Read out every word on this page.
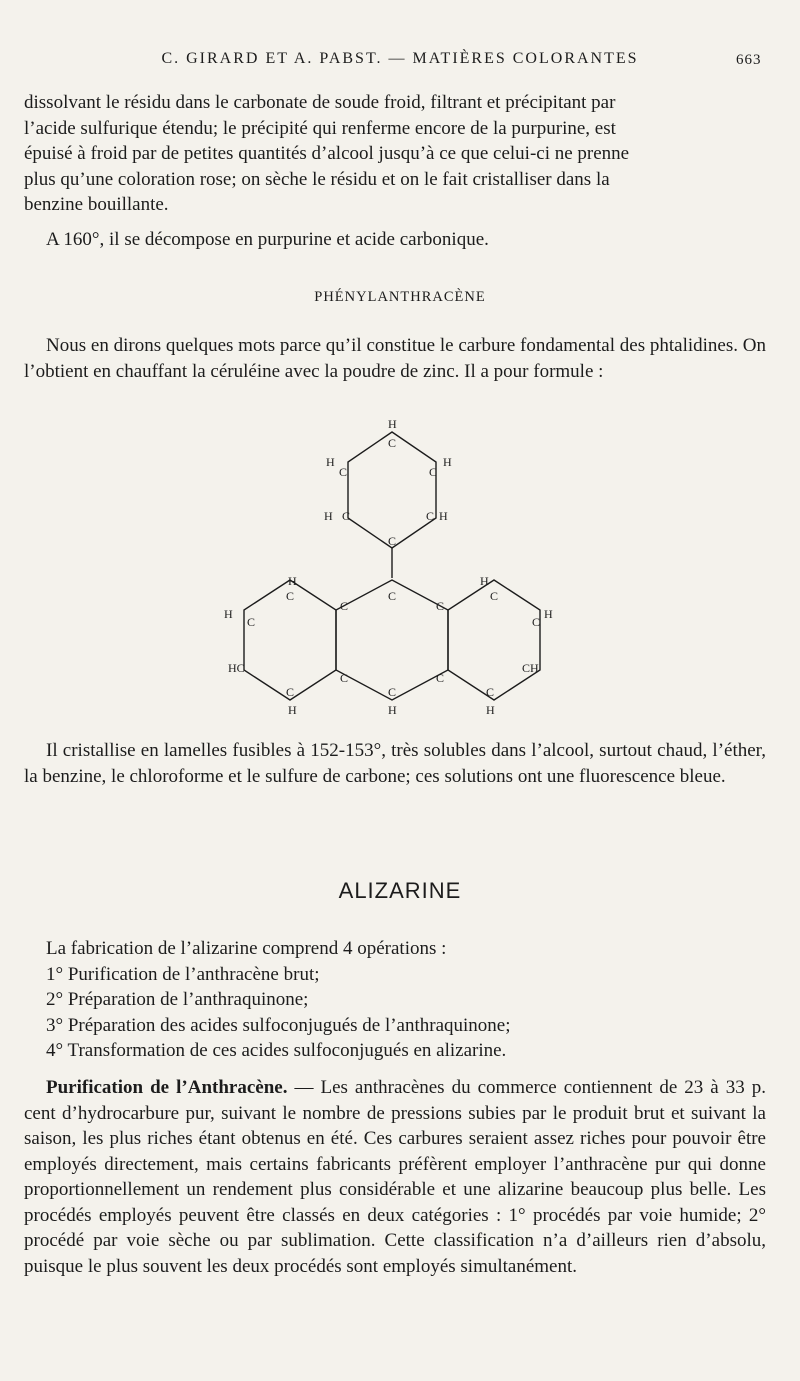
C. GIRARD ET A. PABST. — MATIÈRES COLORANTES	663

dissolvant le résidu dans le carbonate de soude froid, filtrant et précipitant par

l’acide sulfurique étendu; le précipité qui renferme encore de la purpurine, est

épuisé à froid par de petites quantités d’alcool jusqu’à ce que celui-ci ne prenne

plus qu’une coloration rose; on sèche le résidu et on le fait cristalliser dans la

benzine bouillante.

A 160°, il se décompose en purpurine et acide carbonique.

PHÉNYLANTHRACÈNE

Nous en dirons quelques mots parce qu’il constitue le carbure fondamental des phtalidines. On l’obtient en chauffant la céruléine avec la poudre de zinc. Il a pour formule :

H
C
H
C	C
H
H C	C H
C
H
C
C
C
C
H
C
H
C	C
H
HC
C	C
CH
C	C	C
H	H	H

Il cristallise en lamelles fusibles à 152-153°, très solubles dans l’alcool, surtout chaud, l’éther, la benzine, le chloroforme et le sulfure de carbone; ces solutions ont une fluorescence bleue.

ALIZARINE

La fabrication de l’alizarine comprend 4 opérations :

1° Purification de l’anthracène brut;

2° Préparation de l’anthraquinone;

3° Préparation des acides sulfoconjugués de l’anthraquinone;

4° Transformation de ces acides sulfoconjugués en alizarine.

Purification de l’Anthracène. — Les anthracènes du commerce contiennent de 23 à 33 p. cent d’hydrocarbure pur, suivant le nombre de pressions subies par le produit brut et suivant la saison, les plus riches étant obtenus en été. Ces carbures seraient assez riches pour pouvoir être employés directement, mais certains fabricants préfèrent employer l’anthracène pur qui donne proportionnellement un rendement plus considérable et une alizarine beaucoup plus belle. Les procédés employés peuvent être classés en deux catégories : 1° procédés par voie humide; 2° procédé par voie sèche ou par sublimation. Cette classification n’a d’ailleurs rien d’absolu, puisque le plus souvent les deux procédés sont employés simultanément.
